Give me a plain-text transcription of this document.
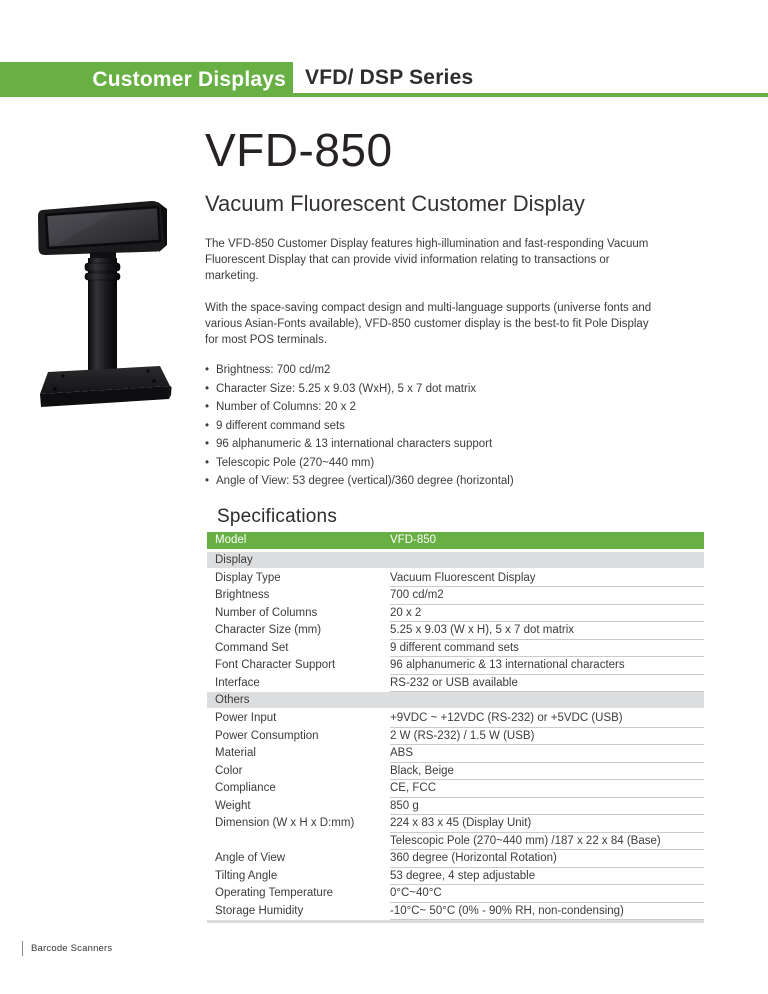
Customer Displays VFD/ DSP Series
VFD-850
Vacuum Fluorescent Customer Display

The VFD-850 Customer Display features high-illumination and fast-responding Vacuum Fluorescent Display that can provide vivid information relating to transactions or marketing.

With the space-saving compact design and multi-language supports (universe fonts and various Asian-Fonts available), VFD-850 customer display is the best-to fit Pole Display for most POS terminals.

• Brightness: 700 cd/m2
• Character Size: 5.25 x 9.03 (WxH), 5 x 7 dot matrix
• Number of Columns: 20 x 2
• 9 different command sets
• 96 alphanumeric & 13 international characters support
• Telescopic Pole (270~440 mm)
• Angle of View: 53 degree (vertical)/360 degree (horizontal)
Specifications
Model	VFD-850
Display
Display Type	Vacuum Fluorescent Display
Brightness	700 cd/m2
Number of Columns	20 x 2
Character Size (mm)	5.25 x 9.03 (W x H), 5 x 7 dot matrix
Command Set	9 different command sets
Font Character Support	96 alphanumeric & 13 international characters
Interface	RS-232 or USB available
Others
Power Input	+9VDC ~ +12VDC (RS-232) or +5VDC (USB)
Power Consumption	2 W (RS-232) / 1.5 W (USB)
Material	ABS
Color	Black, Beige
Compliance	CE, FCC
Weight	850 g
Dimension (W x H x D:mm)	224 x 83 x 45 (Display Unit)
Telescopic Pole (270~440 mm) /187 x 22 x 84 (Base)
Angle of View	360 degree (Horizontal Rotation)
Tilting Angle	53 degree, 4 step adjustable
Operating Temperature	0°C~40°C
Storage Humidity	-10°C~ 50°C (0% - 90% RH, non-condensing)
Barcode Scanners
